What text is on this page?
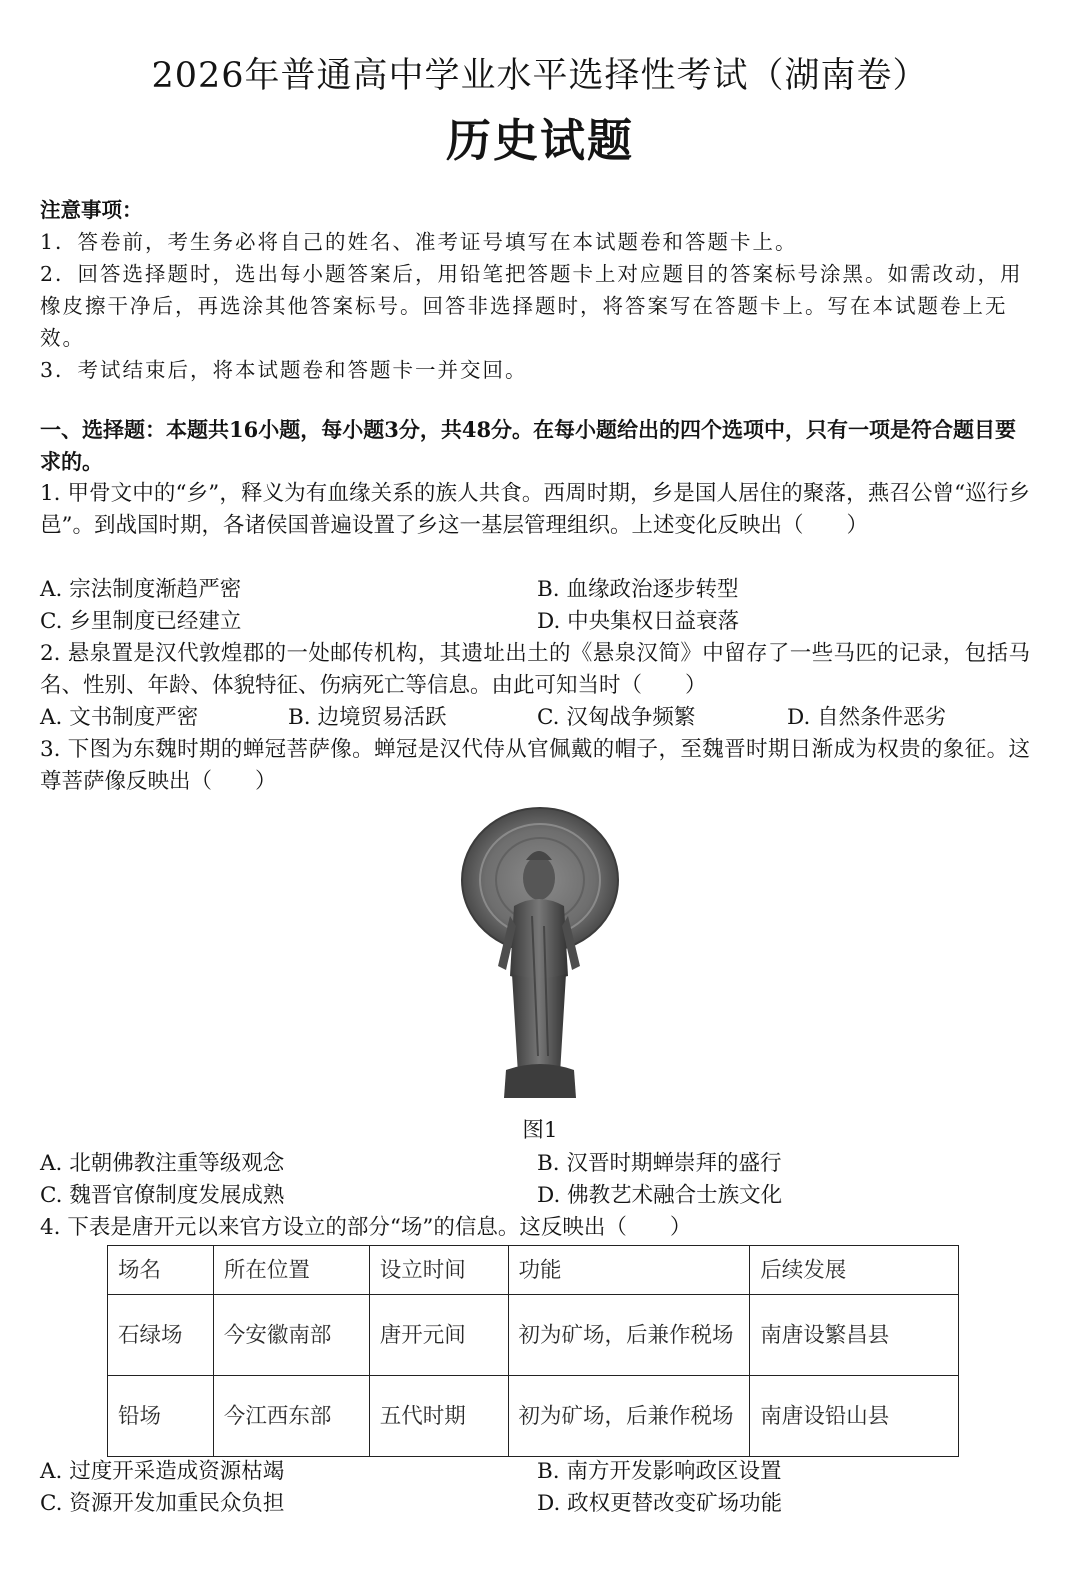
2026年普通高中学业水平选择性考试（湖南卷）
历史试题

注意事项：

1．答卷前，考生务必将自己的姓名、准考证号填写在本试题卷和答题卡上。

2．回答选择题时，选出每小题答案后，用铅笔把答题卡上对应题目的答案标号涂黑。如需改动，用橡皮擦干净后，再选涂其他答案标号。回答非选择题时，将答案写在答题卡上。写在本试题卷上无效。

3．考试结束后，将本试题卷和答题卡一并交回。

一、选择题：本题共16小题，每小题3分，共48分。在每小题给出的四个选项中，只有一项是符合题目要求的。
1. 甲骨文中的“乡”，释义为有血缘关系的族人共食。西周时期，乡是国人居住的聚落，燕召公曾“巡行乡邑”。到战国时期，各诸侯国普遍设置了乡这一基层管理组织。上述变化反映出（　　）
A. 宗法制度渐趋严密	B. 血缘政治逐步转型
C. 乡里制度已经建立	D. 中央集权日益衰落
2. 悬泉置是汉代敦煌郡的一处邮传机构，其遗址出土的《悬泉汉简》中留存了一些马匹的记录，包括马名、性别、年龄、体貌特征、伤病死亡等信息。由此可知当时（　　）
A. 文书制度严密	B. 边境贸易活跃	C. 汉匈战争频繁	D. 自然条件恶劣
3. 下图为东魏时期的蝉冠菩萨像。蝉冠是汉代侍从官佩戴的帽子，至魏晋时期日渐成为权贵的象征。这尊菩萨像反映出（　　）
图1
A. 北朝佛教注重等级观念	B. 汉晋时期蝉崇拜的盛行
C. 魏晋官僚制度发展成熟	D. 佛教艺术融合士族文化
4. 下表是唐开元以来官方设立的部分“场”的信息。这反映出（　　）
场名	所在位置	设立时间	功能	后续发展
石绿场	今安徽南部	唐开元间	初为矿场，后兼作税场	南唐设繁昌县
铅场	今江西东部	五代时期	初为矿场，后兼作税场	南唐设铅山县
A. 过度开采造成资源枯竭	B. 南方开发影响政区设置
C. 资源开发加重民众负担	D. 政权更替改变矿场功能
